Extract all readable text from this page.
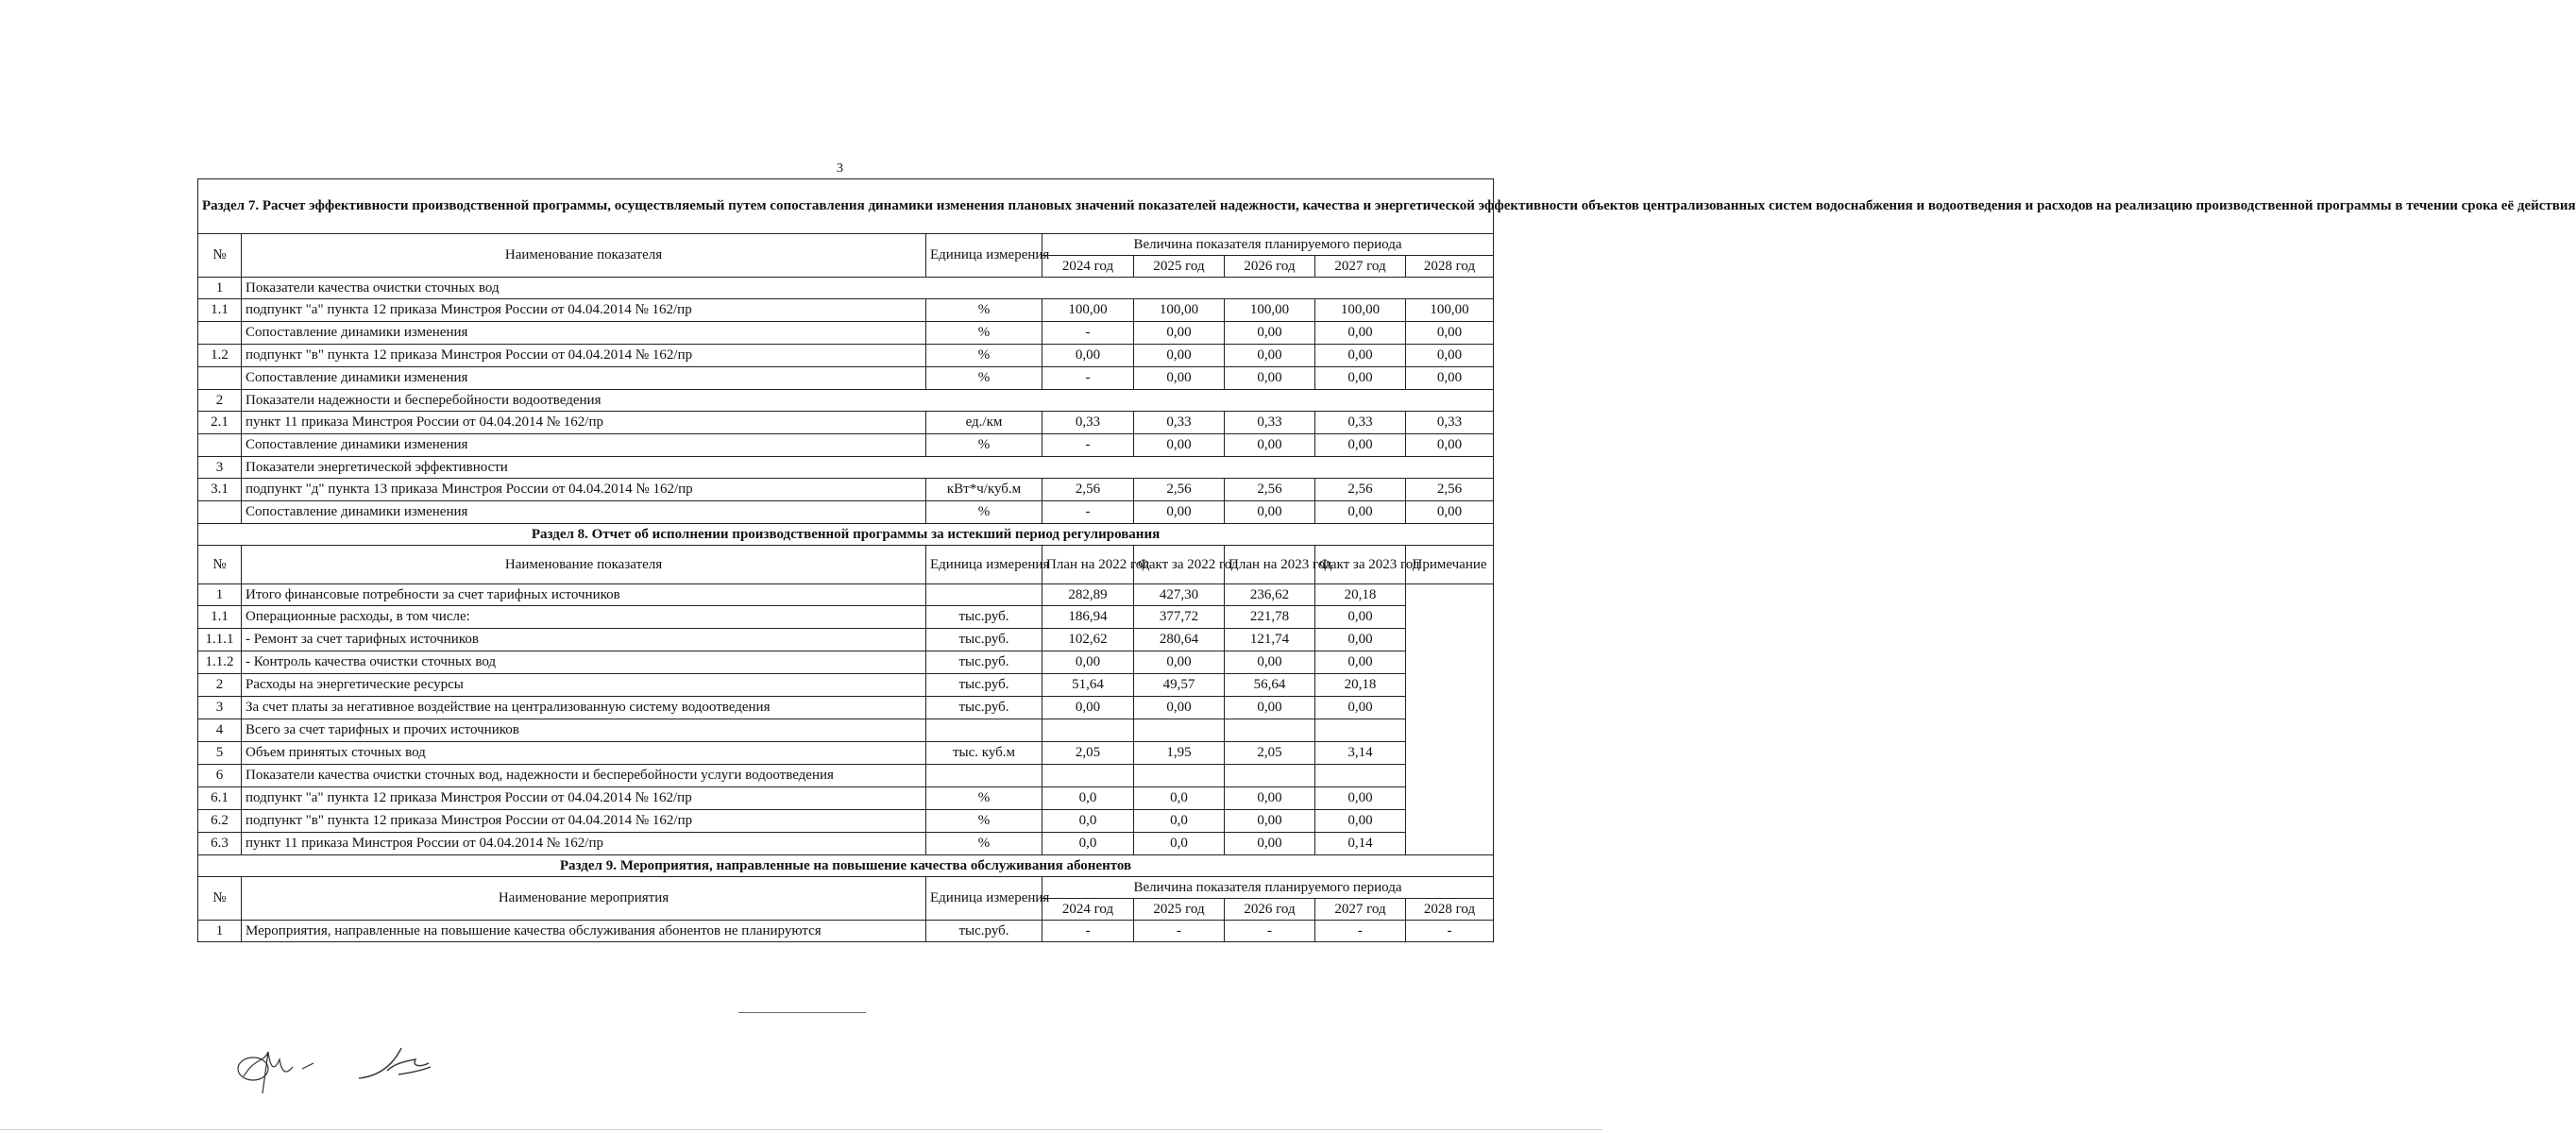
3
Раздел 7. Расчет эффективности производственной программы, осуществляемый путем сопоставления динамики изменения плановых значений показателей надежности, качества и энергетической эффективности объектов централизованных систем водоснабжения и водоотведения и расходов на реализацию производственной программы в течении срока её действия							
№	Наименование показателя	Единица измерения	Величина показателя планируемого периода				
			2024 год	2025 год	2026 год	2027 год	2028 год
1	Показатели качества очистки сточных вод						
1.1	подпункт "а" пункта 12 приказа Минстроя России от 04.04.2014 № 162/пр	%	100,00	100,00	100,00	100,00	100,00
	Сопоставление динамики изменения	%	-	0,00	0,00	0,00	0,00
1.2	подпункт "в" пункта 12 приказа Минстроя России от 04.04.2014 № 162/пр	%	0,00	0,00	0,00	0,00	0,00
	Сопоставление динамики изменения	%	-	0,00	0,00	0,00	0,00
2	Показатели надежности и бесперебойности водоотведения						
2.1	пункт 11 приказа Минстроя России от 04.04.2014 № 162/пр	ед./км	0,33	0,33	0,33	0,33	0,33
	Сопоставление динамики изменения	%	-	0,00	0,00	0,00	0,00
3	Показатели энергетической эффективности						
3.1	подпункт "д" пункта 13 приказа Минстроя России от 04.04.2014 № 162/пр	кВт*ч/куб.м	2,56	2,56	2,56	2,56	2,56
	Сопоставление динамики изменения	%	-	0,00	0,00	0,00	0,00
Раздел 8. Отчет об исполнении производственной программы за истекший период регулирования							
№	Наименование показателя	Единица измерения	План на 2022 год	Факт за 2022 год	План на 2023 год	Факт за 2023 год	Примечание
1	Итого финансовые потребности за счет тарифных источников		282,89	427,30	236,62	20,18	
1.1	Операционные расходы, в том числе:	тыс.руб.	186,94	377,72	221,78	0,00	
1.1.1	- Ремонт за счет тарифных источников	тыс.руб.	102,62	280,64	121,74	0,00	
1.1.2	- Контроль качества очистки сточных вод	тыс.руб.	0,00	0,00	0,00	0,00	
2	Расходы на энергетические ресурсы	тыс.руб.	51,64	49,57	56,64	20,18	
3	За счет платы за негативное воздействие на централизованную систему водоотведения	тыс.руб.	0,00	0,00	0,00	0,00	
4	Всего за счет тарифных и прочих источников						
5	Объем принятых сточных вод	тыс. куб.м	2,05	1,95	2,05	3,14	
6	Показатели качества очистки сточных вод, надежности и бесперебойности услуги водоотведения						
6.1	подпункт "а" пункта 12 приказа Минстроя России от 04.04.2014 № 162/пр	%	0,0	0,0	0,00	0,00	
6.2	подпункт "в" пункта 12 приказа Минстроя России от 04.04.2014 № 162/пр	%	0,0	0,0	0,00	0,00	
6.3	пункт 11 приказа Минстроя России от 04.04.2014 № 162/пр	%	0,0	0,0	0,00	0,14	
Раздел 9. Мероприятия, направленные на повышение качества обслуживания абонентов							
№	Наименование мероприятия	Единица измерения	Величина показателя планируемого периода				
			2024 год	2025 год	2026 год	2027 год	2028 год
1	Мероприятия, направленные на повышение качества обслуживания абонентов не планируются	тыс.руб.	-	-	-	-	-
